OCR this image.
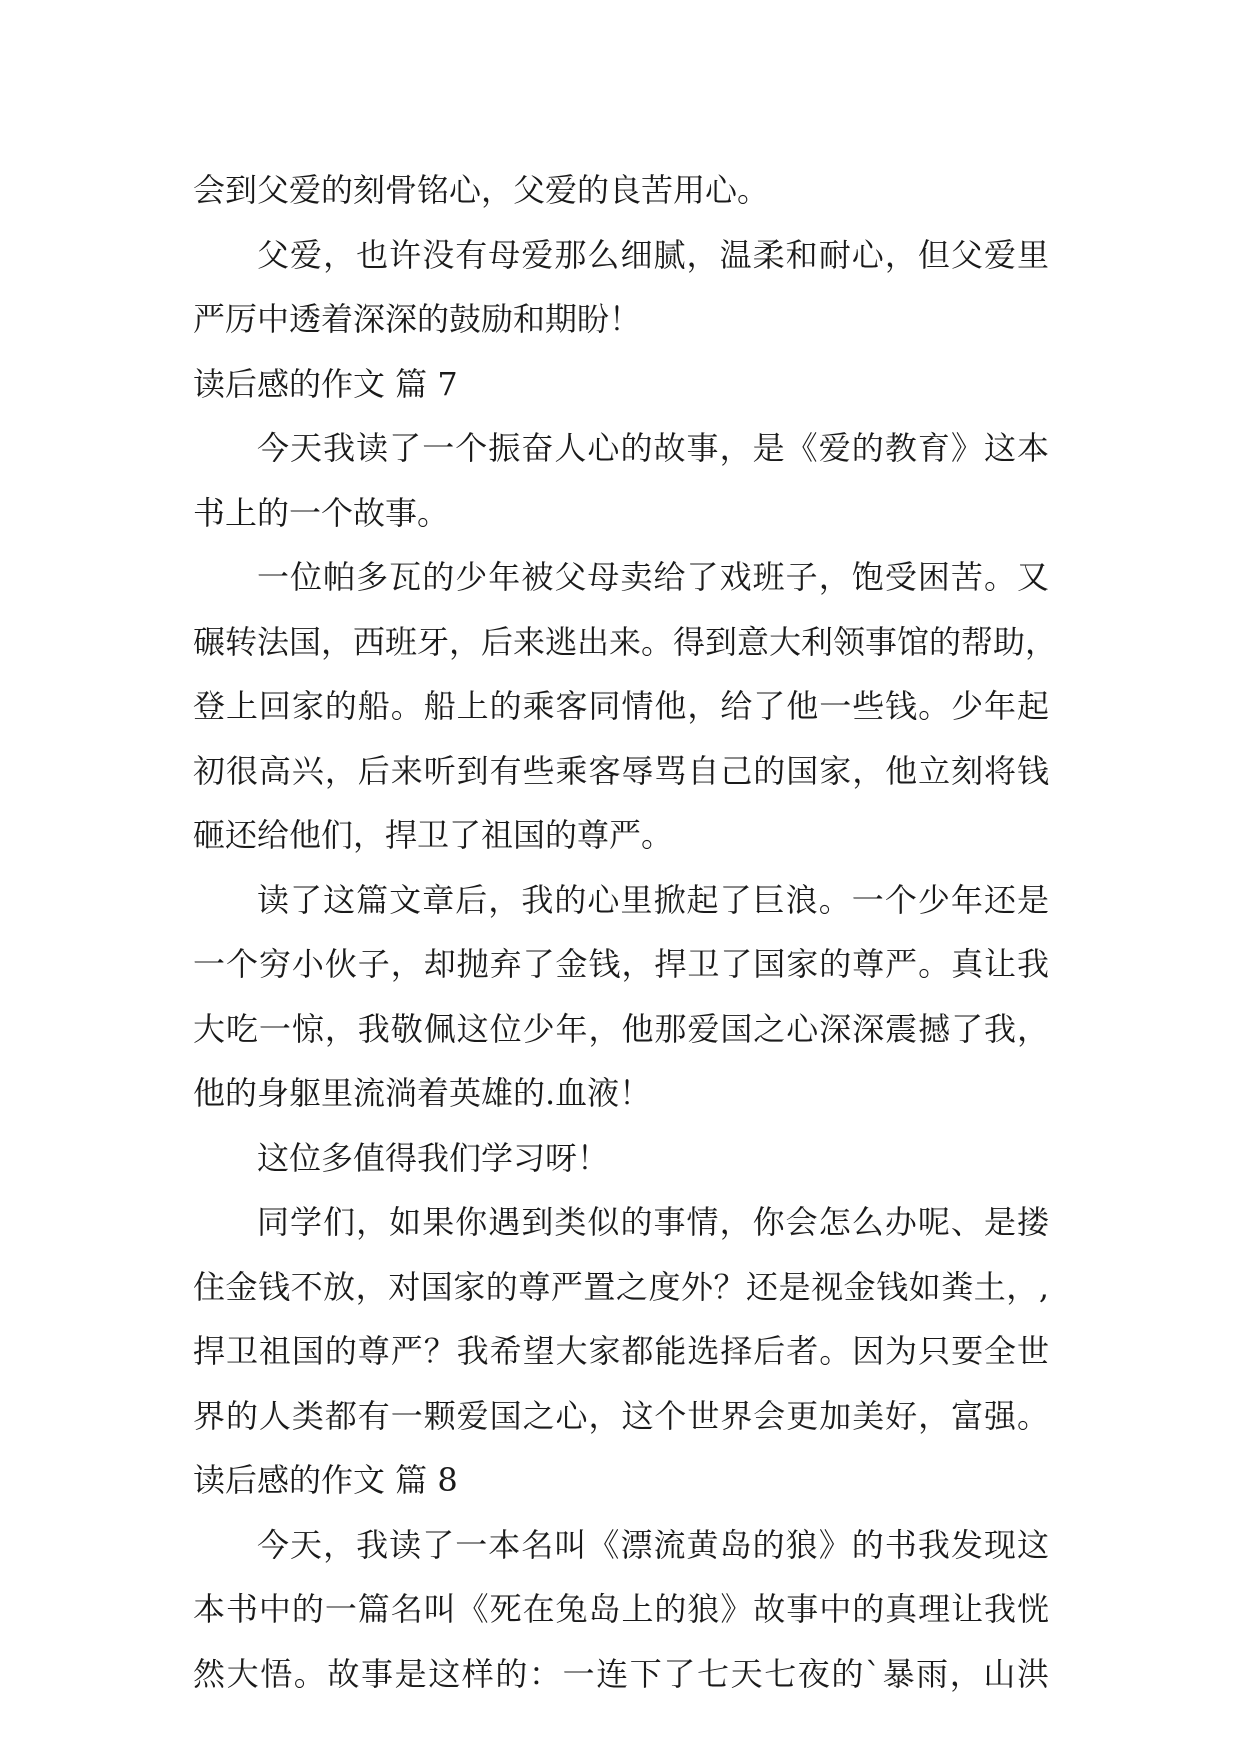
会到父爱的刻骨铭心，父爱的良苦用心。
父爱，也许没有母爱那么细腻，温柔和耐心，但父爱里
严厉中透着深深的鼓励和期盼！
读后感的作文 篇 7
今天我读了一个振奋人心的故事，是《爱的教育》这本
书上的一个故事。
一位帕多瓦的少年被父母卖给了戏班子，饱受困苦。又
碾转法国，西班牙，后来逃出来。得到意大利领事馆的帮助，
登上回家的船。船上的乘客同情他，给了他一些钱。少年起
初很高兴，后来听到有些乘客辱骂自己的国家，他立刻将钱
砸还给他们，捍卫了祖国的尊严。
读了这篇文章后，我的心里掀起了巨浪。一个少年还是
一个穷小伙子，却抛弃了金钱，捍卫了国家的尊严。真让我
大吃一惊，我敬佩这位少年，他那爱国之心深深震撼了我，
他的身躯里流淌着英雄的.血液！
这位多值得我们学习呀！
同学们，如果你遇到类似的事情，你会怎么办呢、是搂
住金钱不放，对国家的尊严置之度外？还是视金钱如粪土，,
捍卫祖国的尊严？我希望大家都能选择后者。因为只要全世
界的人类都有一颗爱国之心，这个世界会更加美好，富强。
读后感的作文 篇 8
今天，我读了一本名叫《漂流黄岛的狼》的书我发现这
本书中的一篇名叫《死在兔岛上的狼》故事中的真理让我恍
然大悟。故事是这样的：一连下了七天七夜的`暴雨，山洪
